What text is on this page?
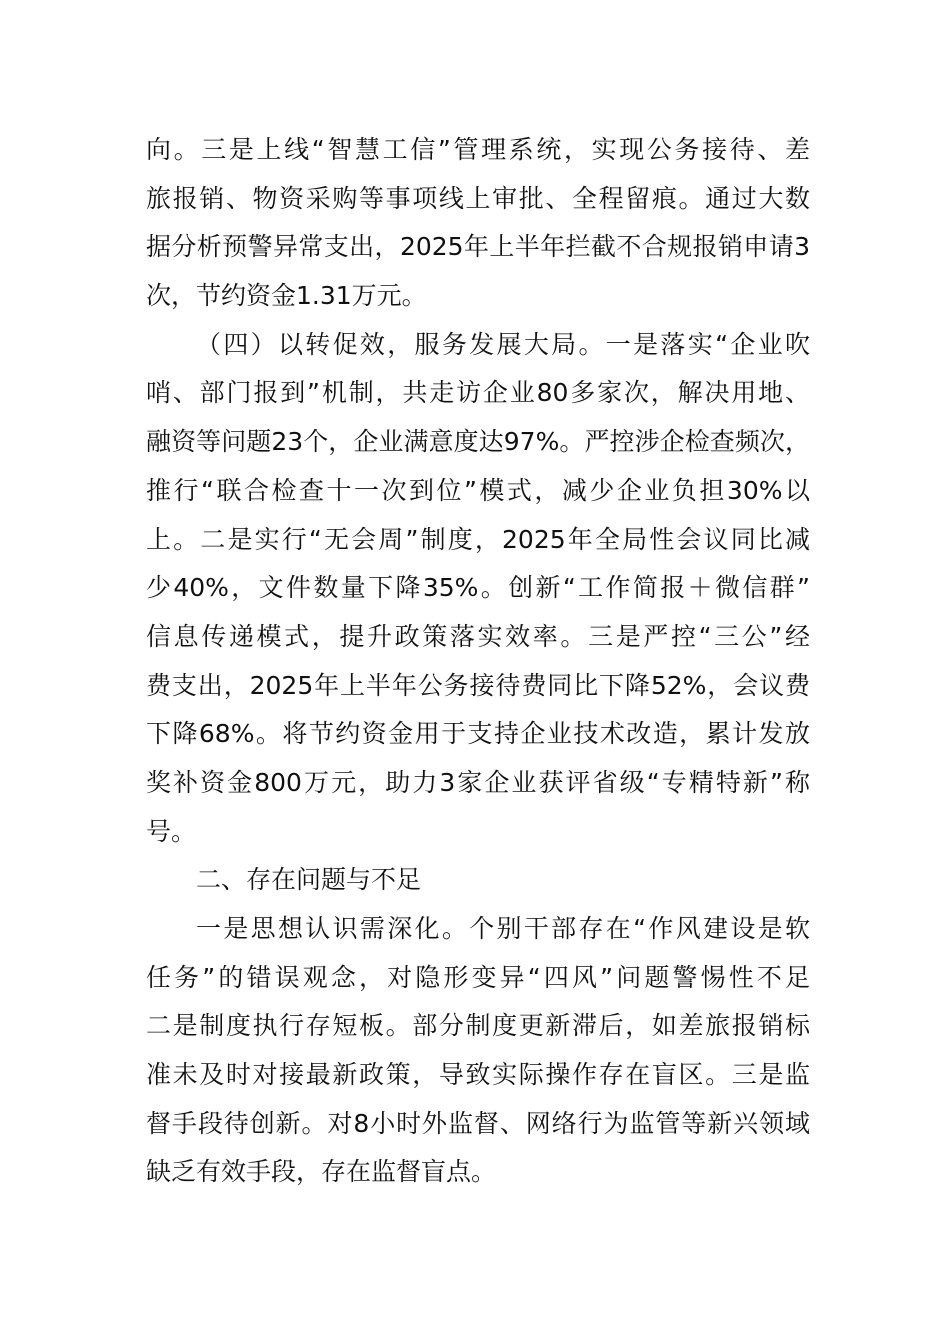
向。三是上线“智慧工信”管理系统，实现公务接待、差
旅报销、物资采购等事项线上审批、全程留痕。通过大数
据分析预警异常支出，2025年上半年拦截不合规报销申请3
次，节约资金1.31万元。
（四）以转促效，服务发展大局。一是落实“企业吹
哨、部门报到”机制，共走访企业80多家次，解决用地、
融资等问题23个，企业满意度达97%。严控涉企检查频次，
推行“联合检查十一次到位”模式，减少企业负担30%以
上。二是实行“无会周”制度，2025年全局性会议同比减
少40%，文件数量下降35%。创新“工作简报＋微信群”
信息传递模式，提升政策落实效率。三是严控“三公”经
费支出，2025年上半年公务接待费同比下降52%，会议费
下降68%。将节约资金用于支持企业技术改造，累计发放
奖补资金800万元，助力3家企业获评省级“专精特新”称
号。
二、存在问题与不足
一是思想认识需深化。个别干部存在“作风建设是软
任务”的错误观念，对隐形变异“四风”问题警惕性不足
二是制度执行存短板。部分制度更新滞后，如差旅报销标
准未及时对接最新政策，导致实际操作存在盲区。三是监
督手段待创新。对8小时外监督、网络行为监管等新兴领域
缺乏有效手段，存在监督盲点。
